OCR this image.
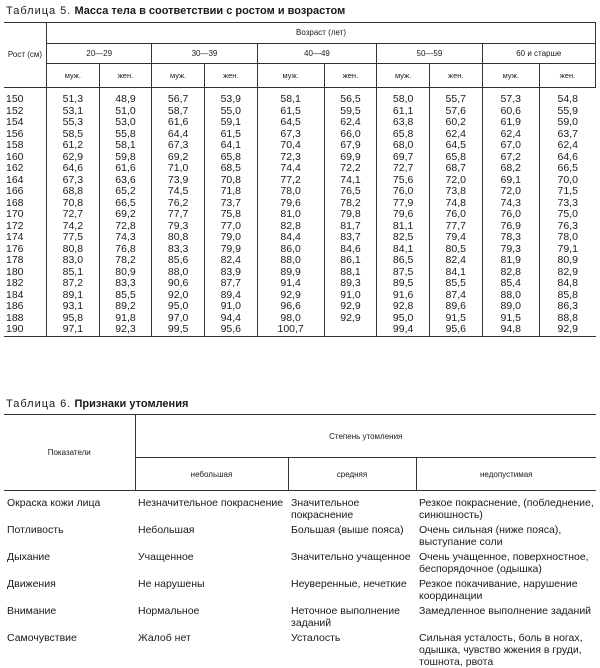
Таблица 5. Масса тела в соответствии с ростом и возрастом
Рост (см)	Возраст (лет)									
	20—29		30—39		40—49		50—59		60 и старше	
	муж.	жен.	муж.	жен.	муж.	жен.	муж.	жен.	муж.	жен.
150	51,3	48,9	56,7	53,9	58,1	56,5	58,0	55,7	57,3	54,8
152	53,1	51,0	58,7	55,0	61,5	59,5	61,1	57,6	60,6	55,9
154	55,3	53,0	61,6	59,1	64,5	62,4	63,8	60,2	61,9	59,0
156	58,5	55,8	64,4	61,5	67,3	66,0	65,8	62,4	62,4	63,7
158	61,2	58,1	67,3	64,1	70,4	67,9	68,0	64,5	67,0	62,4
160	62,9	59,8	69,2	65,8	72,3	69,9	69,7	65,8	67,2	64,6
162	64,6	61,6	71,0	68,5	74,4	72,2	72,7	68,7	68,2	66,5
164	67,3	63,6	73,9	70,8	77,2	74,1	75,6	72,0	69,1	70,0
166	68,8	65,2	74,5	71,8	78,0	76,5	76,0	73,8	72,0	71,5
168	70,8	66,5	76,2	73,7	79,6	78,2	77,9	74,8	74,3	73,3
170	72,7	69,2	77,7	75,8	81,0	79,8	79,6	76,0	76,0	75,0
172	74,2	72,8	79,3	77,0	82,8	81,7	81,1	77,7	76,9	76,3
174	77,5	74,3	80,8	79,0	84,4	83,7	82,5	79,4	78,3	78,0
176	80,8	76,8	83,3	79,9	86,0	84,6	84,1	80,5	79,3	79,1
178	83,0	78,2	85,6	82,4	88,0	86,1	86,5	82,4	81,9	80,9
180	85,1	80,9	88,0	83,9	89,9	88,1	87,5	84,1	82,8	82,9
182	87,2	83,3	90,6	87,7	91,4	89,3	89,5	85,5	85,4	84,8
184	89,1	85,5	92,0	89,4	92,9	91,0	91,6	87,4	88,0	85,8
186	93,1	89,2	95,0	91,0	96,6	92,9	92,8	89,6	89,0	86,3
188	95,8	91,8	97,0	94,4	98,0	92,9	95,0	91,5	91,5	88,8
190	97,1	92,3	99,5	95,6	100,7		99,4	95,6	94,8	92,9
Таблица 6. Признаки утомления
Показатели	Степень утомления		
	небольшая	средняя	недопустимая
Окраска кожи лица	Незначительное покраснение	Значительное покраснение	Резкое покраснение, (побледнение, синюшность)
Потливость	Небольшая	Большая (выше пояса)	Очень сильная (ниже пояса), выступание соли
Дыхание	Учащенное	Значительно учащенное	Очень учащенное, поверхностное, беспорядочное (одышка)
Движения	Не нарушены	Неуверенные, нечеткие	Резкое покачивание, нарушение координации
Внимание	Нормальное	Неточное выполнение заданий	Замедленное выполнение заданий
Самочувствие	Жалоб нет	Усталость	Сильная усталость, боль в ногах, одышка, чувство жжения в груди, тошнота, рвота
